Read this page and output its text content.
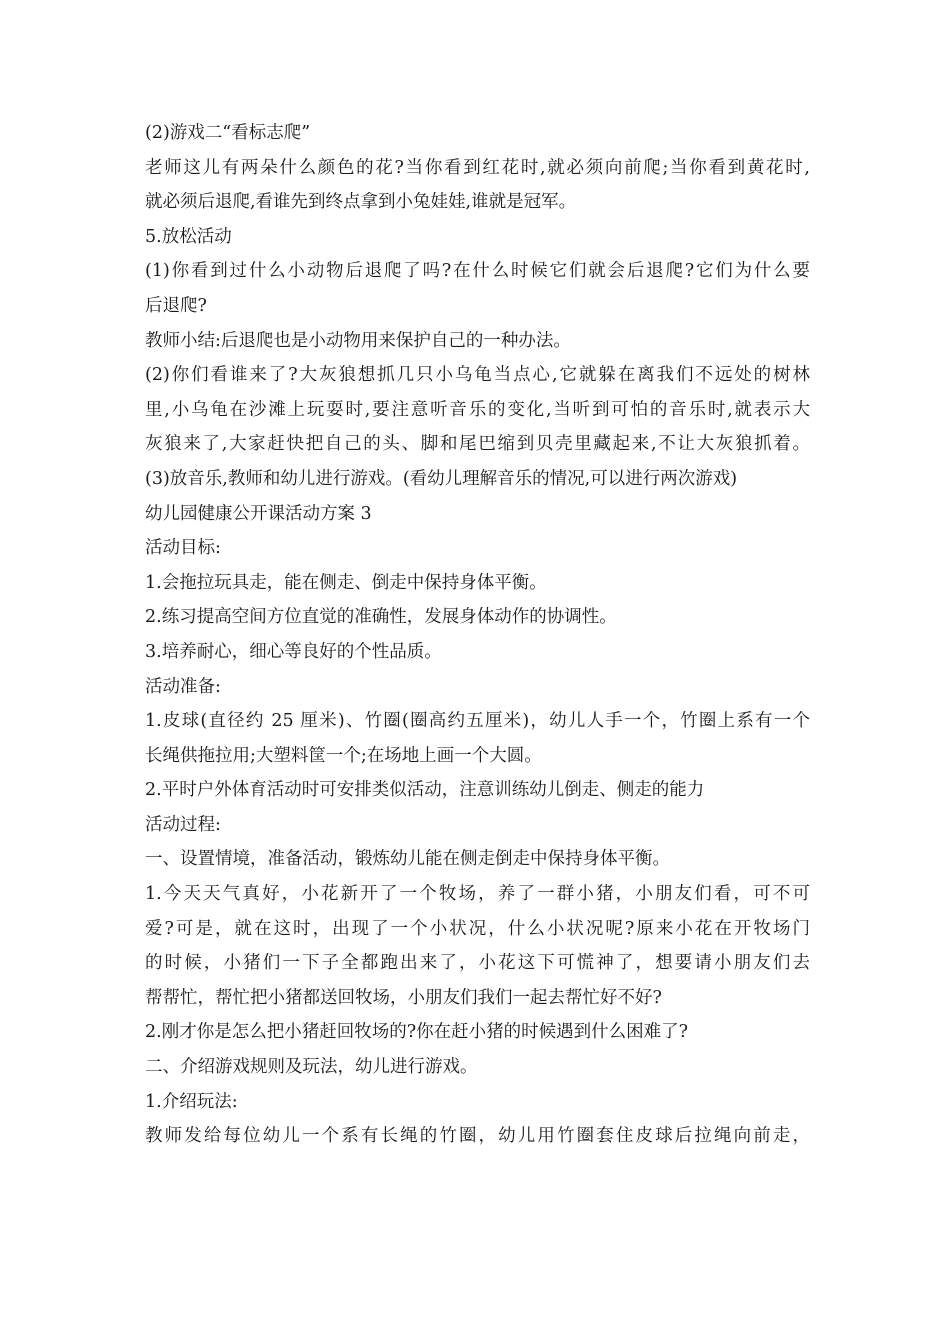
(2)游戏二“看标志爬”
老师这儿有两朵什么颜色的花?当你看到红花时,就必须向前爬;当你看到黄花时,
就必须后退爬,看谁先到终点拿到小兔娃娃,谁就是冠军。
5.放松活动
(1)你看到过什么小动物后退爬了吗?在什么时候它们就会后退爬?它们为什么要
后退爬?
教师小结:后退爬也是小动物用来保护自己的一种办法。
(2)你们看谁来了?大灰狼想抓几只小乌龟当点心,它就躲在离我们不远处的树林
里,小乌龟在沙滩上玩耍时,要注意听音乐的变化,当听到可怕的音乐时,就表示大
灰狼来了,大家赶快把自己的头、脚和尾巴缩到贝壳里藏起来,不让大灰狼抓着。
(3)放音乐,教师和幼儿进行游戏。(看幼儿理解音乐的情况,可以进行两次游戏)
幼儿园健康公开课活动方案 3
活动目标:
1.会拖拉玩具走，能在侧走、倒走中保持身体平衡。
2.练习提高空间方位直觉的准确性，发展身体动作的协调性。
3.培养耐心，细心等良好的个性品质。
活动准备:
1.皮球(直径约 25 厘米)、竹圈(圈高约五厘米)，幼儿人手一个，竹圈上系有一个
长绳供拖拉用;大塑料筐一个;在场地上画一个大圆。
2.平时户外体育活动时可安排类似活动，注意训练幼儿倒走、侧走的能力
活动过程:
一、设置情境，准备活动，锻炼幼儿能在侧走倒走中保持身体平衡。
1.今天天气真好，小花新开了一个牧场，养了一群小猪，小朋友们看，可不可
爱?可是，就在这时，出现了一个小状况，什么小状况呢?原来小花在开牧场门
的时候，小猪们一下子全都跑出来了，小花这下可慌神了，想要请小朋友们去
帮帮忙，帮忙把小猪都送回牧场，小朋友们我们一起去帮忙好不好?
2.刚才你是怎么把小猪赶回牧场的?你在赶小猪的时候遇到什么困难了?
二、介绍游戏规则及玩法，幼儿进行游戏。
1.介绍玩法:
教师发给每位幼儿一个系有长绳的竹圈，幼儿用竹圈套住皮球后拉绳向前走，
